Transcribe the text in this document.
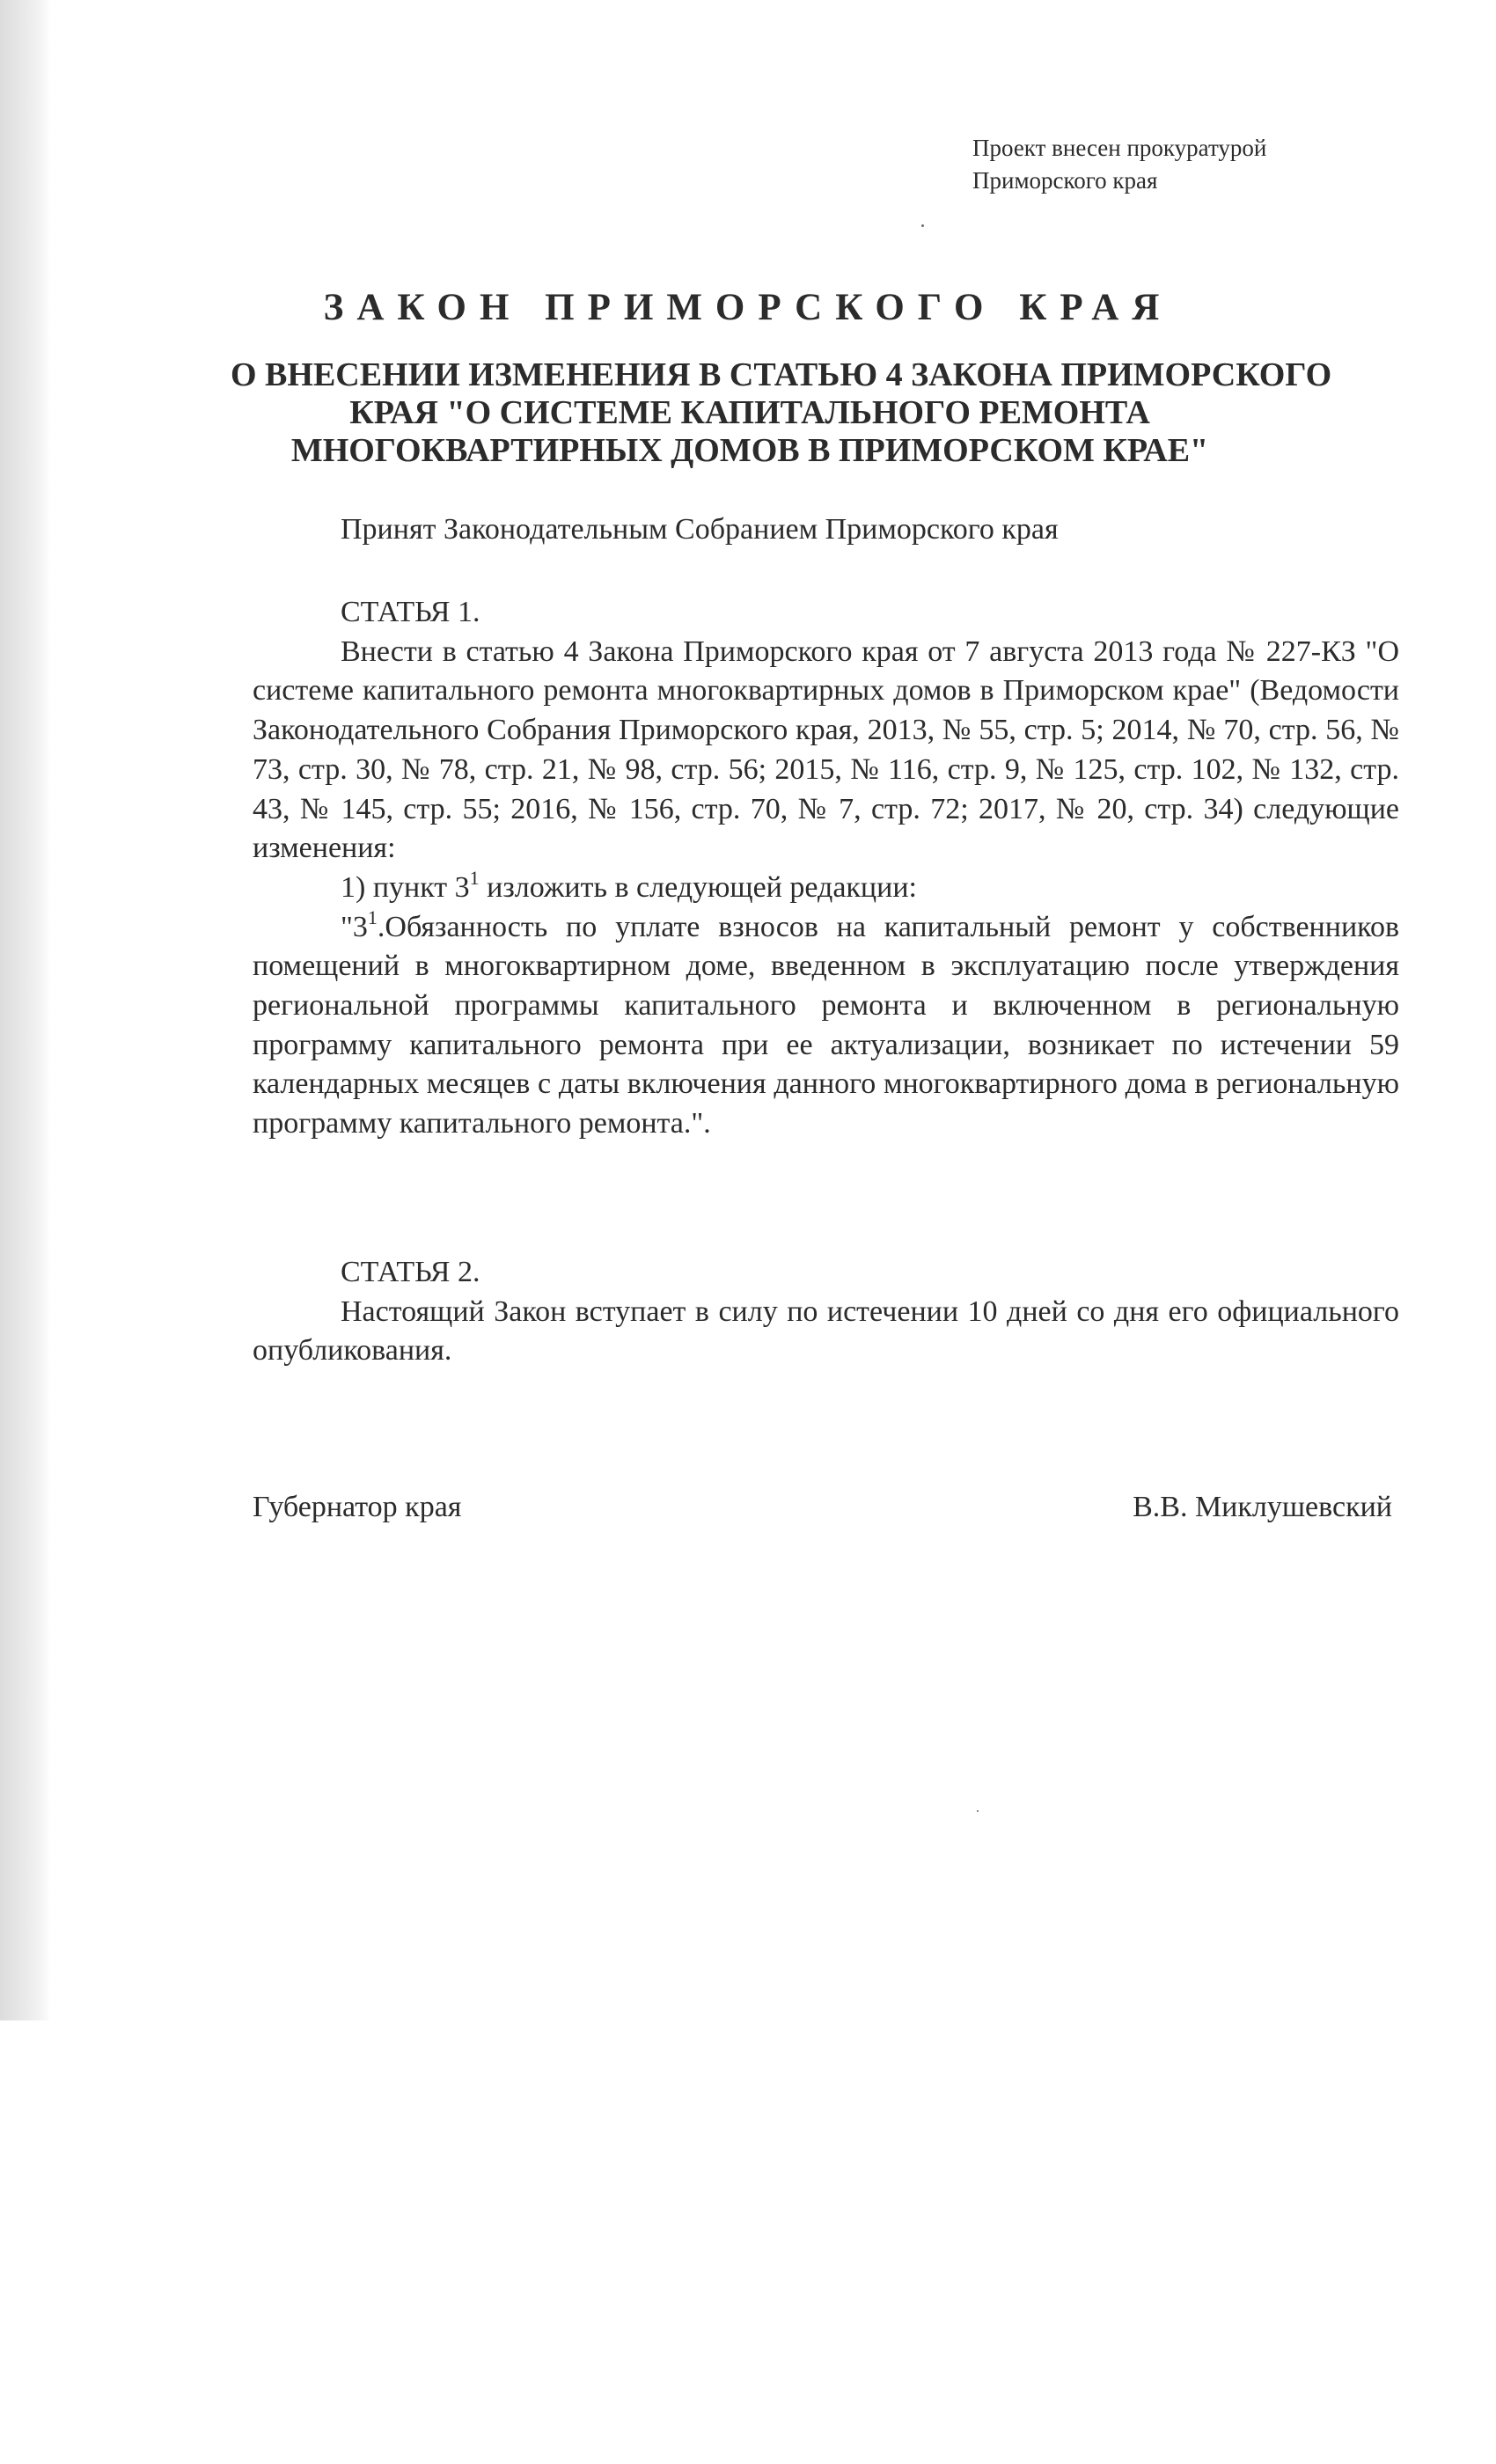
Проект внесен прокуратурой
Приморского края
ЗАКОН ПРИМОРСКОГО КРАЯ
О ВНЕСЕНИИ ИЗМЕНЕНИЯ В СТАТЬЮ 4 ЗАКОНА ПРИМОРСКОГО
КРАЯ "О СИСТЕМЕ КАПИТАЛЬНОГО РЕМОНТА
МНОГОКВАРТИРНЫХ ДОМОВ В ПРИМОРСКОМ КРАЕ"
Принят Законодательным Собранием Приморского края
СТАТЬЯ 1.

Внести в статью 4 Закона Приморского края от 7 августа 2013 года № 227-КЗ "О системе капитального ремонта многоквартирных домов в Приморском крае" (Ведомости Законодательного Собрания Приморского края, 2013, № 55, стр. 5; 2014, № 70, стр. 56, № 73, стр. 30, № 78, стр. 21, № 98, стр. 56; 2015, № 116, стр. 9, № 125, стр. 102, № 132, стр. 43, № 145, стр. 55; 2016, № 156, стр. 70, № 7, стр. 72; 2017, № 20, стр. 34) следующие изменения:

1) пункт $3^1$ изложить в следующей редакции:

"$3^1.Обязанность$ по уплате взносов на капитальный ремонт у собственников помещений в многоквартирном доме, введенном в эксплуатацию после утверждения региональной программы капитального ремонта и включенном в региональную программу капитального ремонта при ее актуализации, возникает по истечении 59 календарных месяцев с даты включения данного многоквартирного дома в региональную программу капитального ремонта.".

СТАТЬЯ 2.

Настоящий Закон вступает в силу по истечении 10 дней со дня его официального опубликования.

Губернатор края	В.В. Миклушевский
